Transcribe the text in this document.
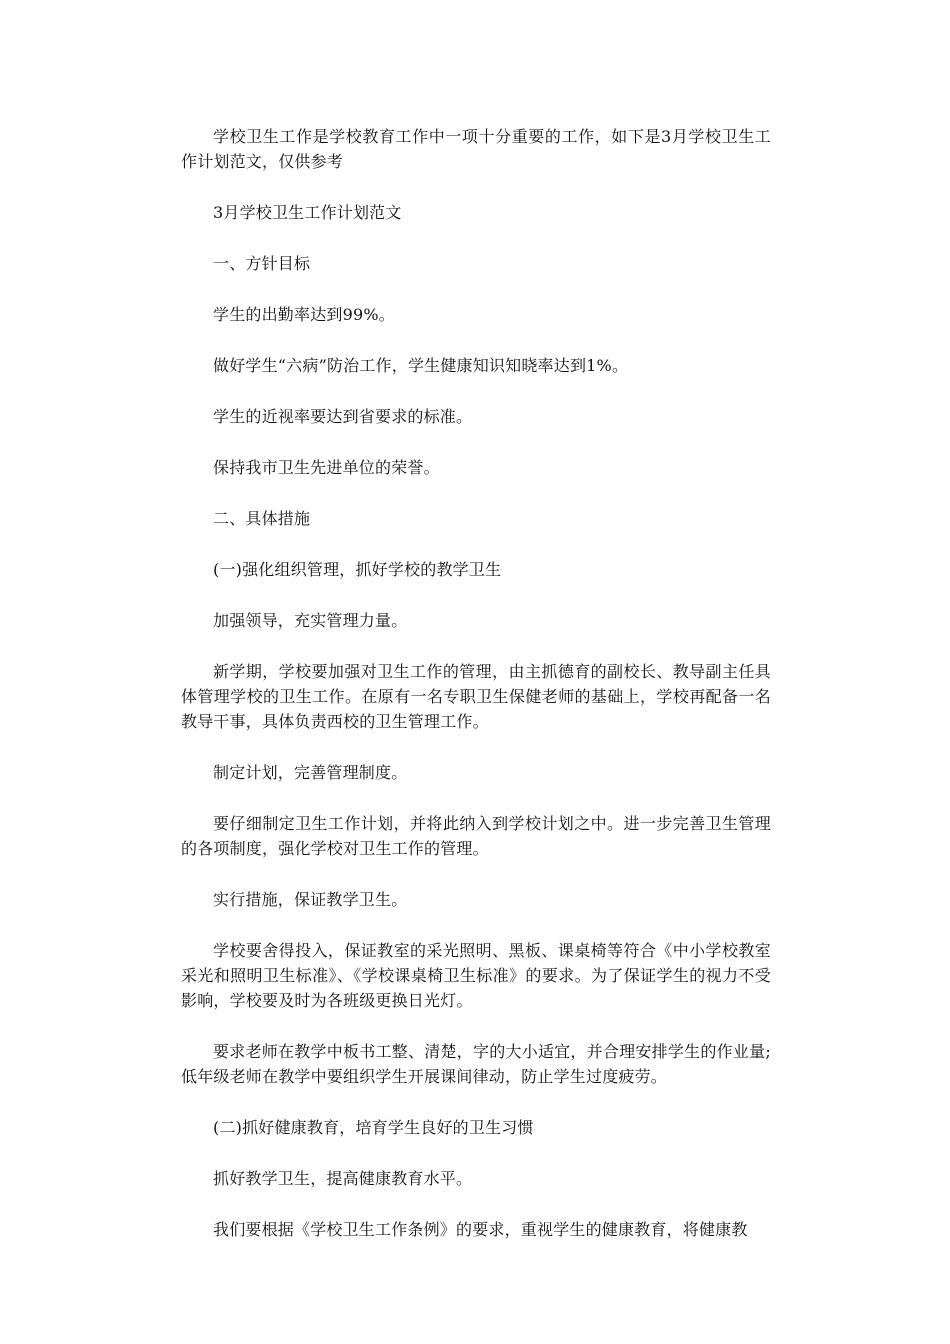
学校卫生工作是学校教育工作中一项十分重要的工作，如下是3月学校卫生工作计划范文，仅供参考

3月学校卫生工作计划范文

一、方针目标

学生的出勤率达到99%。

做好学生“六病”防治工作，学生健康知识知晓率达到1%。

学生的近视率要达到省要求的标准。

保持我市卫生先进单位的荣誉。

二、具体措施

(一)强化组织管理，抓好学校的教学卫生

加强领导，充实管理力量。

新学期，学校要加强对卫生工作的管理，由主抓德育的副校长、教导副主任具体管理学校的卫生工作。在原有一名专职卫生保健老师的基础上，学校再配备一名教导干事，具体负责西校的卫生管理工作。

制定计划，完善管理制度。

要仔细制定卫生工作计划，并将此纳入到学校计划之中。进一步完善卫生管理的各项制度，强化学校对卫生工作的管理。

实行措施，保证教学卫生。

学校要舍得投入，保证教室的采光照明、黑板、课桌椅等符合《中小学校教室采光和照明卫生标准》、《学校课桌椅卫生标准》的要求。为了保证学生的视力不受影响，学校要及时为各班级更换日光灯。

要求老师在教学中板书工整、清楚，字的大小适宜，并合理安排学生的作业量;低年级老师在教学中要组织学生开展课间律动，防止学生过度疲劳。

(二)抓好健康教育，培育学生良好的卫生习惯

抓好教学卫生，提高健康教育水平。

我们要根据《学校卫生工作条例》的要求，重视学生的健康教育，将健康教
